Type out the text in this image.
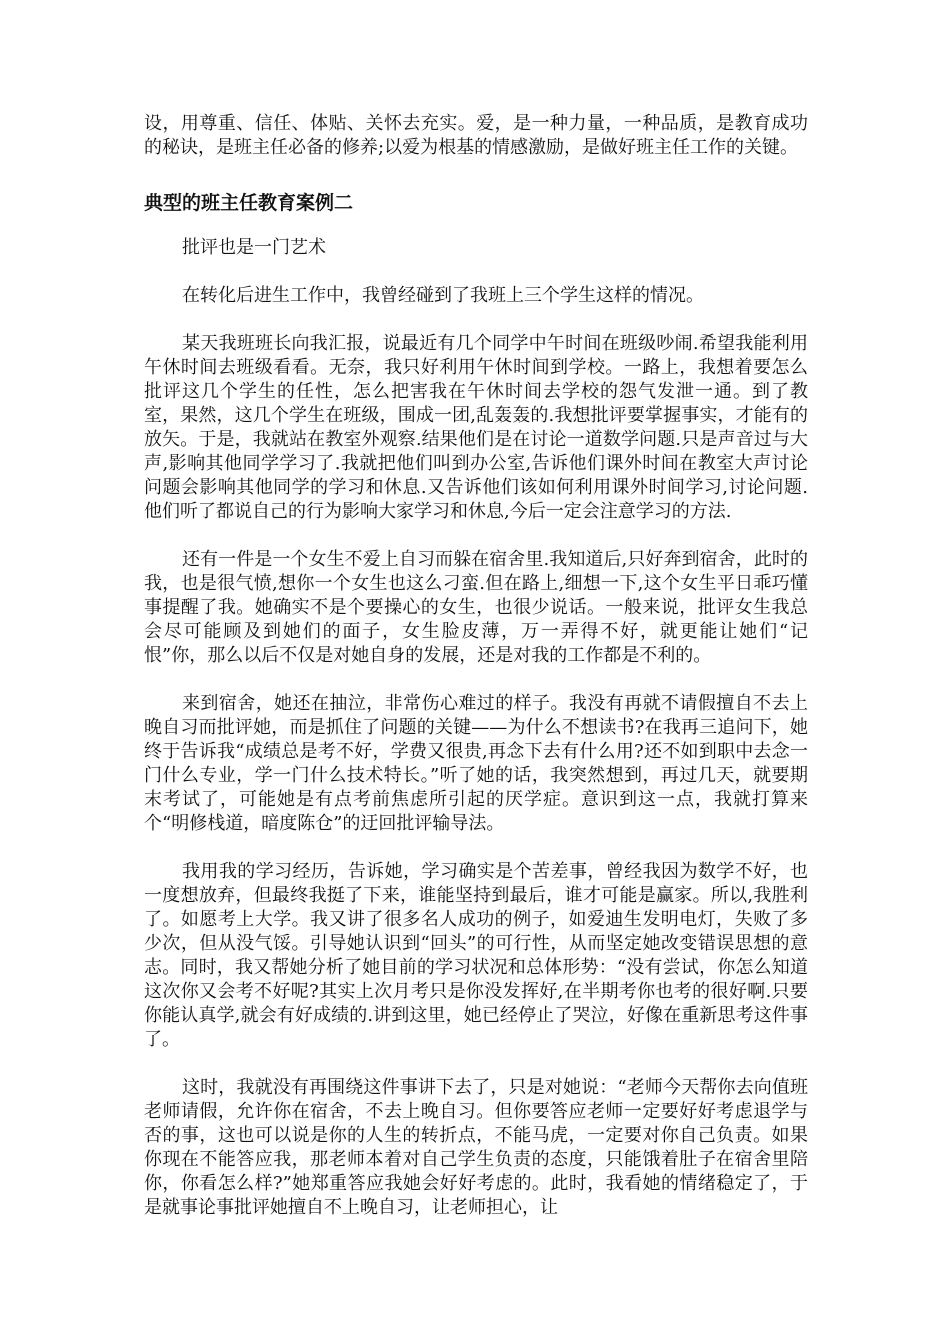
设，用尊重、信任、体贴、关怀去充实。爱，是一种力量，一种品质，是教育成功的秘诀，是班主任必备的修养;以爱为根基的情感激励，是做好班主任工作的关键。

典型的班主任教育案例二

批评也是一门艺术

在转化后进生工作中，我曾经碰到了我班上三个学生这样的情况。

某天我班班长向我汇报，说最近有几个同学中午时间在班级吵闹.希望我能利用午休时间去班级看看。无奈，我只好利用午休时间到学校。一路上，我想着要怎么批评这几个学生的任性，怎么把害我在午休时间去学校的怨气发泄一通。到了教室，果然，这几个学生在班级，围成一团,乱轰轰的.我想批评要掌握事实，才能有的放矢。于是，我就站在教室外观察.结果他们是在讨论一道数学问题.只是声音过与大声,影响其他同学学习了.我就把他们叫到办公室,告诉他们课外时间在教室大声讨论问题会影响其他同学的学习和休息.又告诉他们该如何利用课外时间学习,讨论问题.他们听了都说自己的行为影响大家学习和休息,今后一定会注意学习的方法.

还有一件是一个女生不爱上自习而躲在宿舍里.我知道后,只好奔到宿舍，此时的我，也是很气愤,想你一个女生也这么刁蛮.但在路上,细想一下,这个女生平日乖巧懂事提醒了我。她确实不是个要操心的女生，也很少说话。一般来说，批评女生我总会尽可能顾及到她们的面子，女生脸皮薄，万一弄得不好，就更能让她们“记恨”你，那么以后不仅是对她自身的发展，还是对我的工作都是不利的。

来到宿舍，她还在抽泣，非常伤心难过的样子。我没有再就不请假擅自不去上晚自习而批评她，而是抓住了问题的关键——为什么不想读书?在我再三追问下，她终于告诉我“成绩总是考不好，学费又很贵,再念下去有什么用?还不如到职中去念一门什么专业，学一门什么技术特长。”听了她的话，我突然想到，再过几天，就要期末考试了，可能她是有点考前焦虑所引起的厌学症。意识到这一点，我就打算来个“明修栈道，暗度陈仓”的迂回批评输导法。

我用我的学习经历，告诉她，学习确实是个苦差事，曾经我因为数学不好，也一度想放弃，但最终我挺了下来，谁能坚持到最后，谁才可能是赢家。所以,我胜利了。如愿考上大学。我又讲了很多名人成功的例子，如爱迪生发明电灯，失败了多少次，但从没气馁。引导她认识到“回头”的可行性，从而坚定她改变错误思想的意志。同时，我又帮她分析了她目前的学习状况和总体形势：“没有尝试，你怎么知道这次你又会考不好呢?其实上次月考只是你没发挥好,在半期考你也考的很好啊.只要你能认真学,就会有好成绩的.讲到这里，她已经停止了哭泣，好像在重新思考这件事了。

这时，我就没有再围绕这件事讲下去了，只是对她说：“老师今天帮你去向值班老师请假，允许你在宿舍，不去上晚自习。但你要答应老师一定要好好考虑退学与否的事，这也可以说是你的人生的转折点，不能马虎，一定要对你自己负责。如果你现在不能答应我，那老师本着对自己学生负责的态度，只能饿着肚子在宿舍里陪你，你看怎么样?”她郑重答应我她会好好考虑的。此时，我看她的情绪稳定了，于是就事论事批评她擅自不上晚自习，让老师担心，让
